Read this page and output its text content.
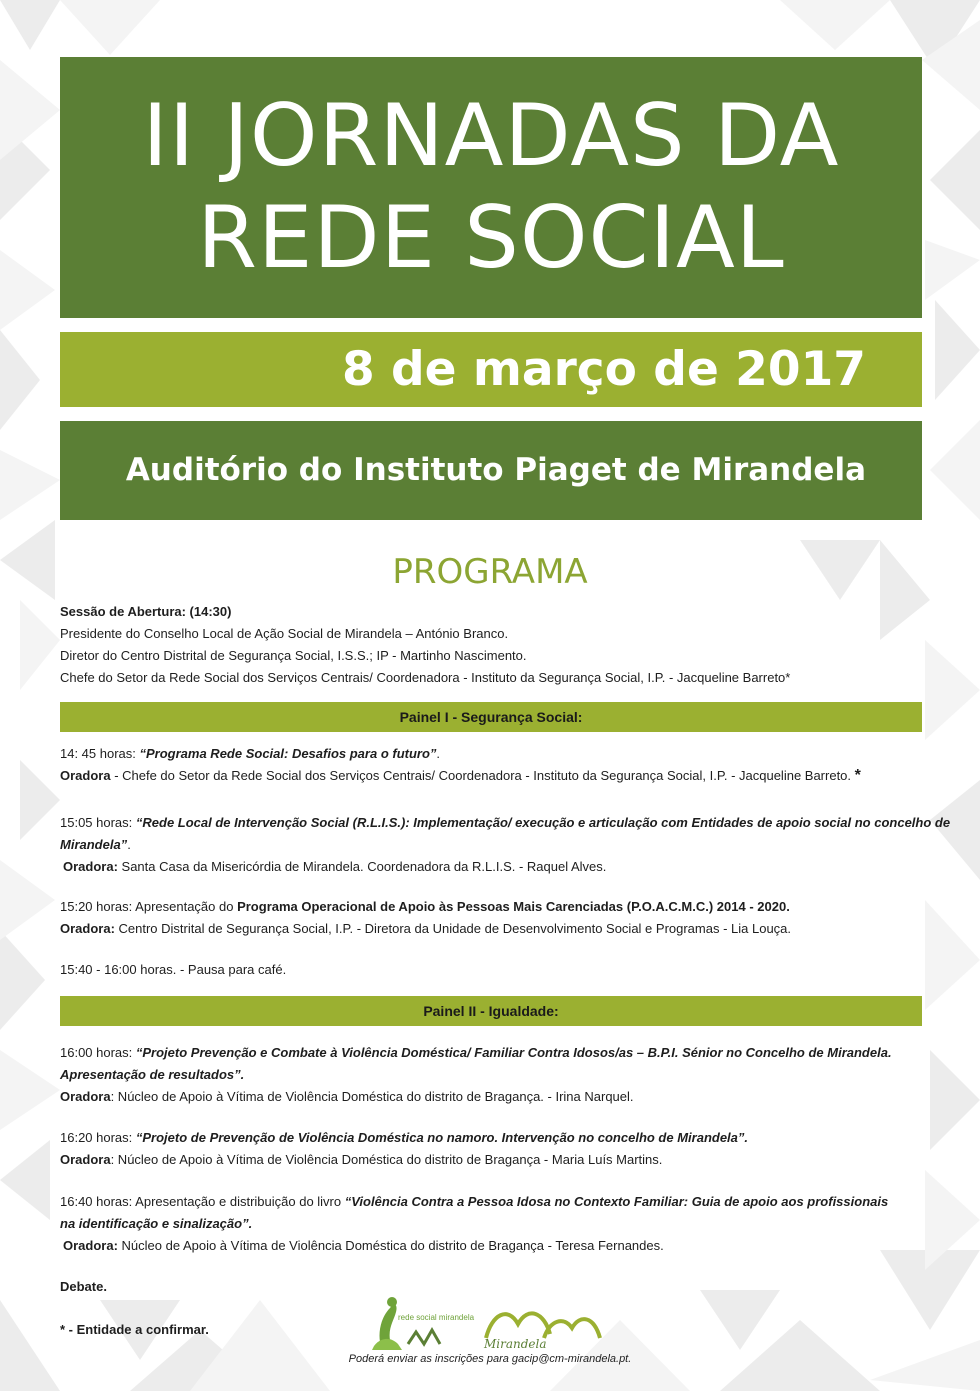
II JORNADAS DA
REDE SOCIAL
8 de março de 2017
Auditório do Instituto Piaget de Mirandela
PROGRAMA
Sessão de Abertura: (14:30)
Presidente do Conselho Local de Ação Social de Mirandela – António Branco.
Diretor do Centro Distrital de Segurança Social, I.S.S.; IP - Martinho Nascimento.
Chefe do Setor da Rede Social dos Serviços Centrais/ Coordenadora - Instituto da Segurança Social, I.P. - Jacqueline Barreto*
Painel I - Segurança Social:
14: 45 horas: “Programa Rede Social: Desafios para o futuro”.
Oradora - Chefe do Setor da Rede Social dos Serviços Centrais/ Coordenadora - Instituto da Segurança Social, I.P. - Jacqueline Barreto. *
15:05 horas: “Rede Local de Intervenção Social (R.L.I.S.): Implementação/ execução e articulação com Entidades de apoio social no concelho de
Mirandela”.
Oradora: Santa Casa da Misericórdia de Mirandela. Coordenadora da R.L.I.S. - Raquel Alves.
15:20 horas: Apresentação do Programa Operacional de Apoio às Pessoas Mais Carenciadas (P.O.A.C.M.C.) 2014 - 2020.
Oradora: Centro Distrital de Segurança Social, I.P. - Diretora da Unidade de Desenvolvimento Social e Programas - Lia Louça.
15:40 - 16:00 horas. - Pausa para café.
Painel II - Igualdade:
16:00 horas: “Projeto Prevenção e Combate à Violência Doméstica/ Familiar Contra Idosos/as – B.P.I. Sénior no Concelho de Mirandela.
Apresentação de resultados”.
Oradora: Núcleo de Apoio à Vítima de Violência Doméstica do distrito de Bragança. - Irina Narquel.
16:20 horas: “Projeto de Prevenção de Violência Doméstica no namoro. Intervenção no concelho de Mirandela”.
Oradora: Núcleo de Apoio à Vítima de Violência Doméstica do distrito de Bragança - Maria Luís Martins.
16:40 horas: Apresentação e distribuição do livro “Violência Contra a Pessoa Idosa no Contexto Familiar: Guia de apoio aos profissionais
na identificação e sinalização”.
Oradora: Núcleo de Apoio à Vítima de Violência Doméstica do distrito de Bragança - Teresa Fernandes.
Debate.
* - Entidade a confirmar.
rede social mirandela
Mirandela
Poderá enviar as inscrições para gacip@cm-mirandela.pt.
